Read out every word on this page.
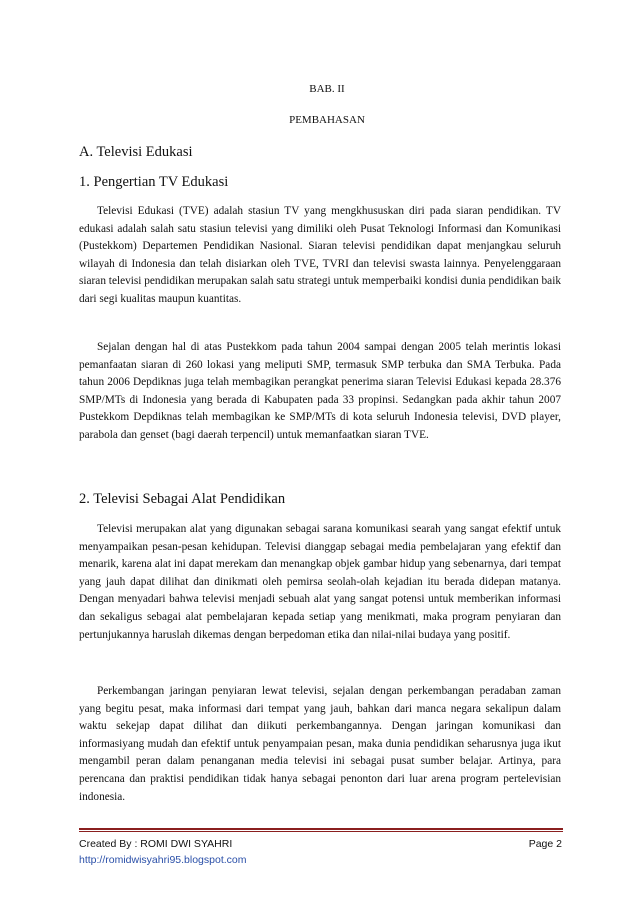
BAB. II
PEMBAHASAN
A. Televisi Edukasi
1. Pengertian TV Edukasi

Televisi Edukasi (TVE) adalah stasiun TV yang mengkhususkan diri pada siaran pendidikan. TV edukasi adalah salah satu stasiun televisi yang dimiliki oleh Pusat Teknologi Informasi dan Komunikasi (Pustekkom) Departemen Pendidikan Nasional. Siaran televisi pendidikan dapat menjangkau seluruh wilayah di Indonesia dan telah disiarkan oleh TVE, TVRI dan televisi swasta lainnya. Penyelenggaraan siaran televisi pendidikan merupakan salah satu strategi untuk memperbaiki kondisi dunia pendidikan baik dari segi kualitas maupun kuantitas.

Sejalan dengan hal di atas Pustekkom pada tahun 2004 sampai dengan 2005 telah merintis lokasi pemanfaatan siaran di 260 lokasi yang meliputi SMP, termasuk SMP terbuka dan SMA Terbuka. Pada tahun 2006 Depdiknas juga telah membagikan perangkat penerima siaran Televisi Edukasi kepada 28.376 SMP/MTs di Indonesia yang berada di Kabupaten pada 33 propinsi. Sedangkan pada akhir tahun 2007 Pustekkom Depdiknas telah membagikan ke SMP/MTs di kota seluruh Indonesia televisi, DVD player, parabola dan genset (bagi daerah terpencil) untuk memanfaatkan siaran TVE.

2. Televisi Sebagai Alat Pendidikan

Televisi merupakan alat yang digunakan sebagai sarana komunikasi searah yang sangat efektif untuk menyampaikan pesan-pesan kehidupan. Televisi dianggap sebagai media pembelajaran yang efektif dan menarik, karena alat ini dapat merekam dan menangkap objek gambar hidup yang sebenarnya, dari tempat yang jauh dapat dilihat dan dinikmati oleh pemirsa seolah-olah kejadian itu berada didepan matanya. Dengan menyadari bahwa televisi menjadi sebuah alat yang sangat potensi untuk memberikan informasi dan sekaligus sebagai alat pembelajaran kepada setiap yang menikmati, maka program penyiaran dan pertunjukannya haruslah dikemas dengan berpedoman etika dan nilai-nilai budaya yang positif.

Perkembangan jaringan penyiaran lewat televisi, sejalan dengan perkembangan peradaban zaman yang begitu pesat, maka informasi dari tempat yang jauh, bahkan dari manca negara sekalipun dalam waktu sekejap dapat dilihat dan diikuti perkembangannya. Dengan jaringan komunikasi dan informasiyang mudah dan efektif untuk penyampaian pesan, maka dunia pendidikan seharusnya juga ikut mengambil peran dalam penanganan media televisi ini sebagai pusat sumber belajar. Artinya, para perencana dan praktisi pendidikan tidak hanya sebagai penonton dari luar arena program pertelevisian indonesia.

Created By : ROMI DWI SYAHRI	Page 2
http://romidwisyahri95.blogspot.com
